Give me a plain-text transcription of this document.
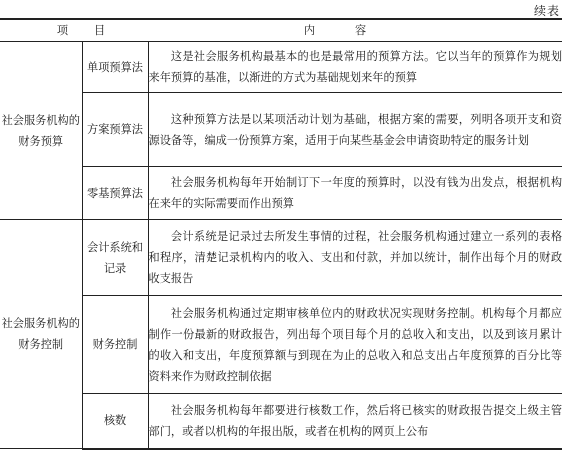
续表
项目		内容
社会服务机构的财务预算	单项预算法	这是社会服务机构最基本的也是最常用的预算方法。它以当年的预算作为规划来年预算的基准，以渐进的方式为基础规划来年的预算
	方案预算法	这种预算方法是以某项活动计划为基础，根据方案的需要，列明各项开支和资源设备等，编成一份预算方案，适用于向某些基金会申请资助特定的服务计划
	零基预算法	社会服务机构每年开始制订下一年度的预算时，以没有钱为出发点，根据机构在来年的实际需要而作出预算
社会服务机构的财务控制	会计系统和记录	会计系统是记录过去所发生事情的过程，社会服务机构通过建立一系列的表格和程序，清楚记录机构内的收入、支出和付款，并加以统计，制作出每个月的财政收支报告
	财务控制	社会服务机构通过定期审核单位内的财政状况实现财务控制。机构每个月都应制作一份最新的财政报告，列出每个项目每个月的总收入和支出，以及到该月累计的收入和支出，年度预算额与到现在为止的总收入和总支出占年度预算的百分比等资料来作为财政控制依据
	核数	社会服务机构每年都要进行核数工作，然后将已核实的财政报告提交上级主管部门，或者以机构的年报出版，或者在机构的网页上公布
